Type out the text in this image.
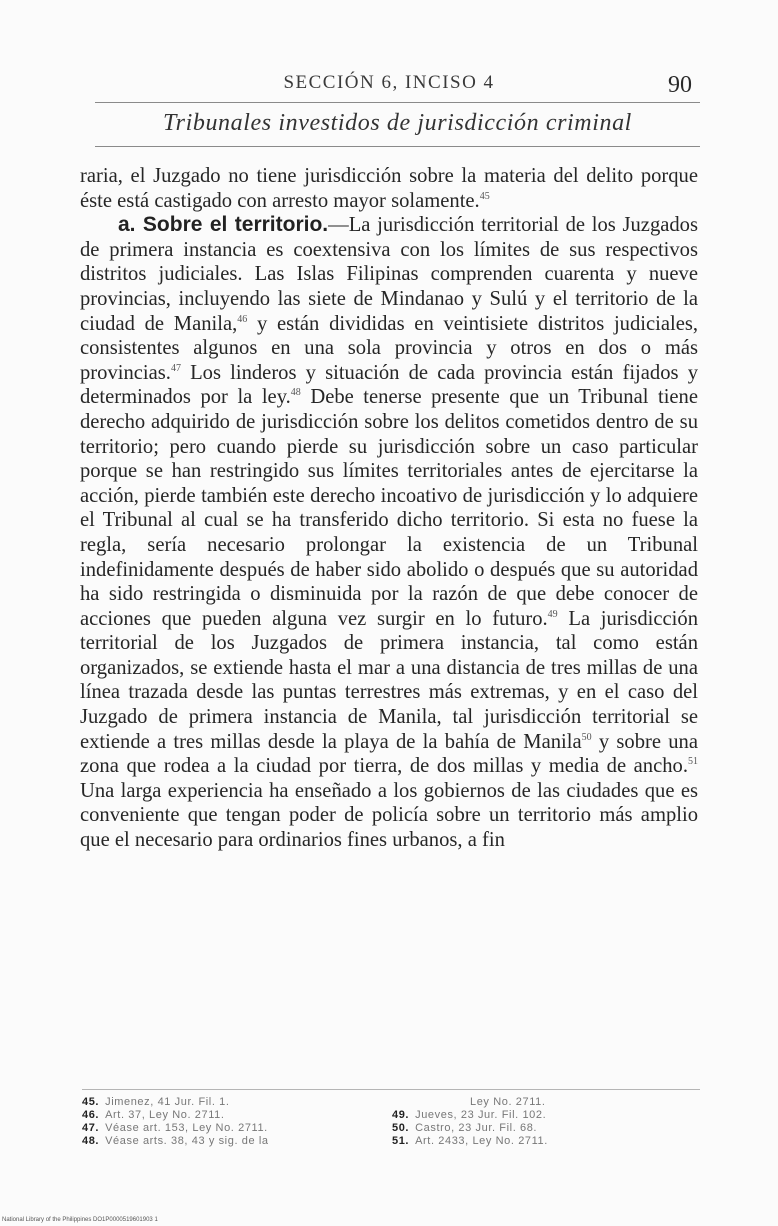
SECCIÓN 6, INCISO 4	90
Tribunales investidos de jurisdicción criminal

raria, el Juzgado no tiene jurisdicción sobre la materia del delito porque éste está castigado con arresto mayor solamente.$^{45}$

a. Sobre el territorio.—La jurisdicción territorial de los Juzgados de primera instancia es coextensiva con los límites de sus respectivos distritos judiciales. Las Islas Filipinas comprenden cuarenta y nueve provincias, incluyendo las siete de Mindanao y Sulú y el territorio de la ciudad de Manila,$^{46}$ y están divididas en veintisiete distritos judiciales, consistentes algunos en una sola provincia y otros en dos o más provincias.$^{47}$ Los linderos y situación de cada provincia están fijados y determinados por la ley.$^{48}$ Debe tenerse presente que un Tribunal tiene derecho adquirido de jurisdicción sobre los delitos cometidos dentro de su territorio; pero cuando pierde su jurisdicción sobre un caso particular porque se han restringido sus límites territoriales antes de ejercitarse la acción, pierde también este derecho incoativo de jurisdicción y lo adquiere el Tribunal al cual se ha transferido dicho territorio. Si esta no fuese la regla, sería necesario prolongar la existencia de un Tribunal indefinidamente después de haber sido abolido o después que su autoridad ha sido restringida o disminuida por la razón de que debe conocer de acciones que pueden alguna vez surgir en lo futuro.$^{49}$ La jurisdicción territorial de los Juzgados de primera instancia, tal como están organizados, se extiende hasta el mar a una distancia de tres millas de una línea trazada desde las puntas terrestres más extremas, y en el caso del Juzgado de primera instancia de Manila, tal jurisdicción territorial se extiende a tres millas desde la playa de la bahía de Manila$^{50}$ y sobre una zona que rodea a la ciudad por tierra, de dos millas y media de ancho.$^{51}$ Una larga experiencia ha enseñado a los gobiernos de las ciudades que es conveniente que tengan poder de policía sobre un territorio más amplio que el necesario para ordinarios fines urbanos, a fin

45. Jimenez, 41 Jur. Fil. 1.
46. Art. 37, Ley No. 2711.
47. Véase art. 153, Ley No. 2711.
48. Véase arts. 38, 43 y sig. de la
Ley No. 2711.
49. Jueves, 23 Jur. Fil. 102.
50. Castro, 23 Jur. Fil. 68.
51. Art. 2433, Ley No. 2711.
National Library of the Philippines DO1P0000519601903 1
